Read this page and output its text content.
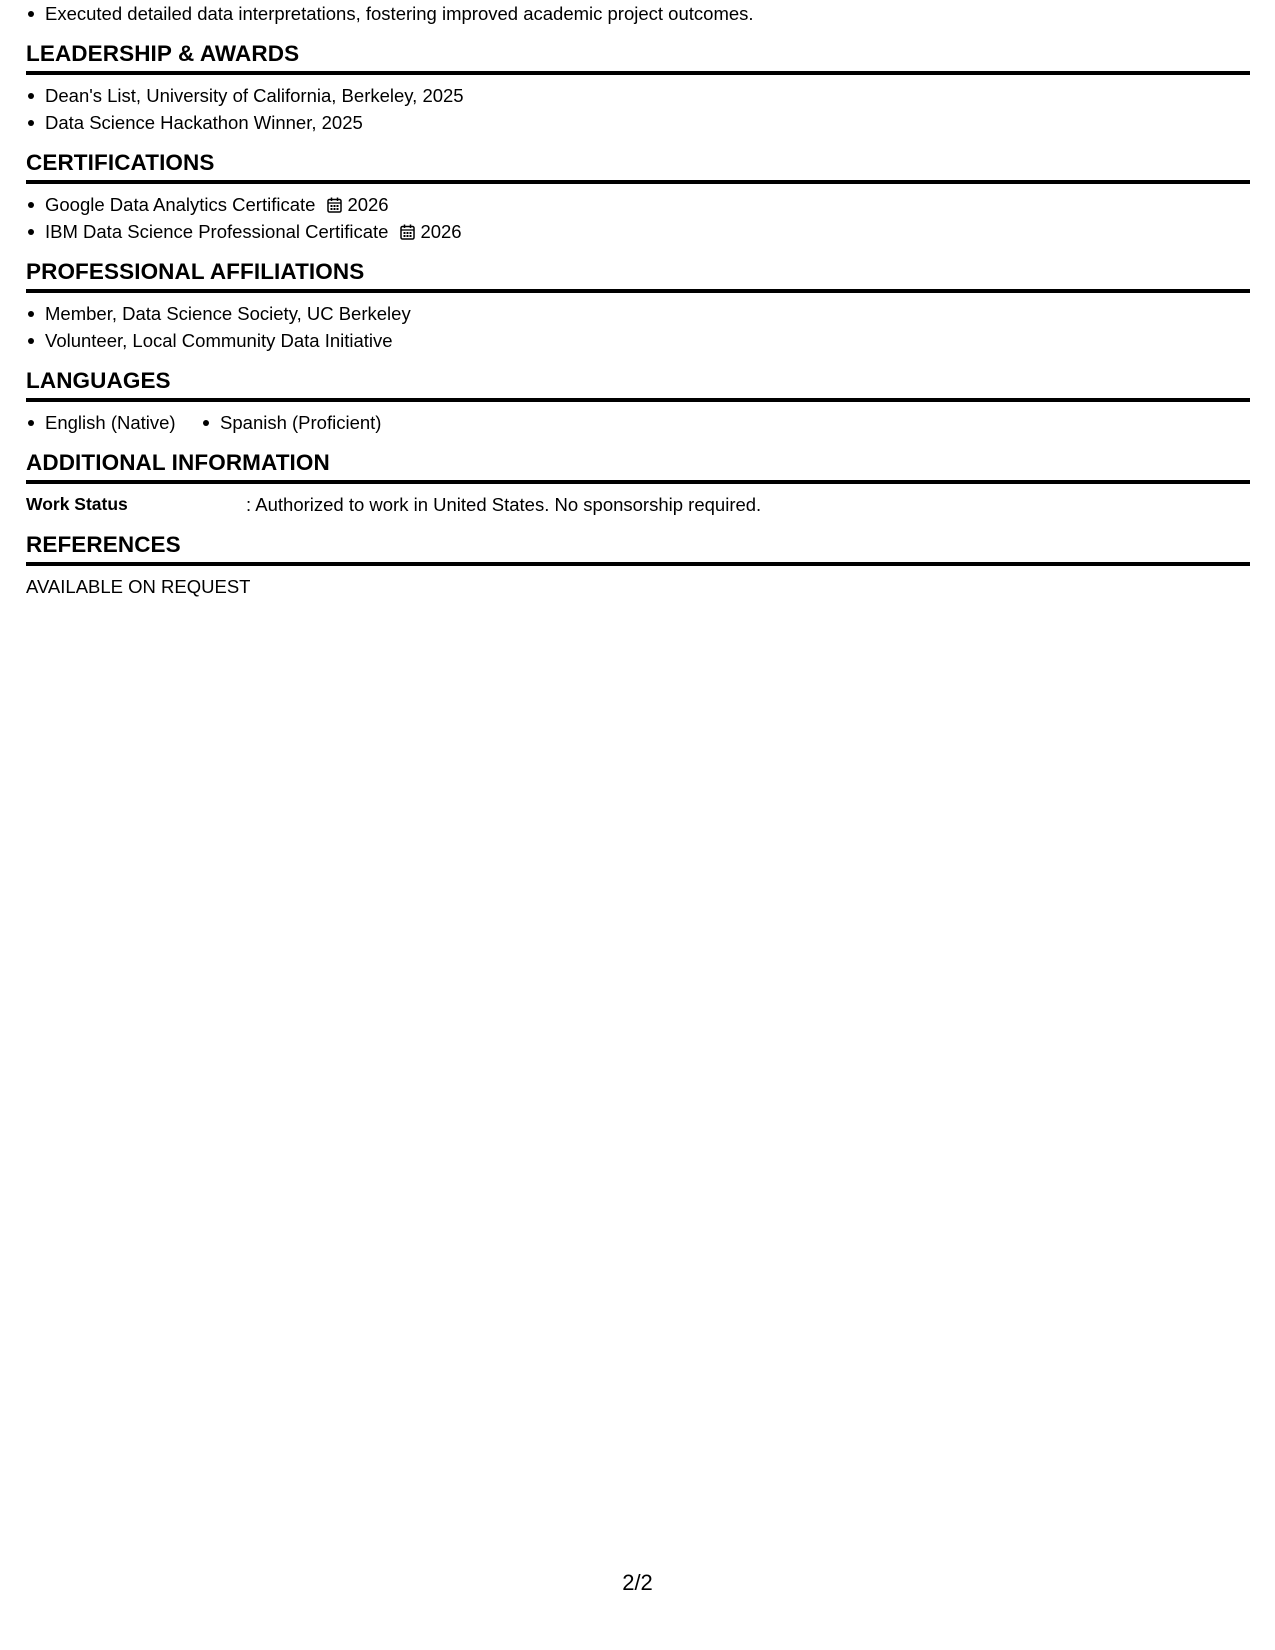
Executed detailed data interpretations, fostering improved academic project outcomes.
LEADERSHIP & AWARDS
Dean's List, University of California, Berkeley, 2025
Data Science Hackathon Winner, 2025
CERTIFICATIONS
Google Data Analytics Certificate 2026
IBM Data Science Professional Certificate 2026
PROFESSIONAL AFFILIATIONS
Member, Data Science Society, UC Berkeley
Volunteer, Local Community Data Initiative
LANGUAGES
English (Native) Spanish (Proficient)
ADDITIONAL INFORMATION
Work Status	: Authorized to work in United States. No sponsorship required.
REFERENCES
AVAILABLE ON REQUEST
2/2
